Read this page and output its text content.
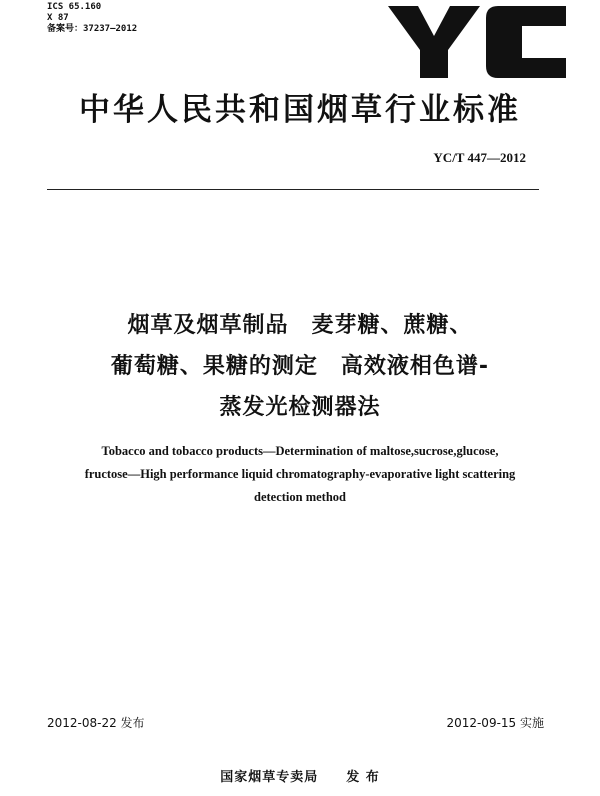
ICS 65.160
X 87
备案号：37237—2012
中华人民共和国烟草行业标准
YC/T 447—2012
烟草及烟草制品　麦芽糖、蔗糖、
葡萄糖、果糖的测定　高效液相色谱-
蒸发光检测器法
Tobacco and tobacco products—Determination of maltose,sucrose,glucose,
fructose—High performance liquid chromatography-evaporative light scattering
detection method
2012-08-22 发布	2012-09-15 实施
国家烟草专卖局　　发 布
